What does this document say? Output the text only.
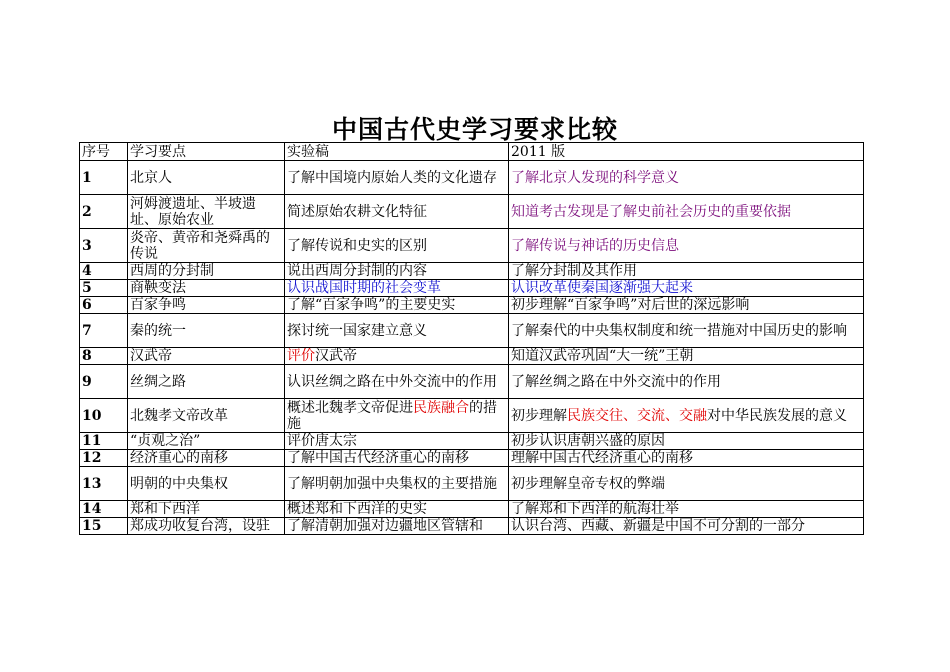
中国古代史学习要求比较
序号	学习要点	实验稿	2011 版
1	北京人	了解中国境内原始人类的文化遗存	了解北京人发现的科学意义
2	河姆渡遗址、半坡遗址、原始农业	简述原始农耕文化特征	知道考古发现是了解史前社会历史的重要依据
3	炎帝、黄帝和尧舜禹的传说	了解传说和史实的区别	了解传说与神话的历史信息
4	西周的分封制	说出西周分封制的内容	了解分封制及其作用
5	商鞅变法	认识战国时期的社会变革	认识改革使秦国逐渐强大起来
6	百家争鸣	了解“百家争鸣”的主要史实	初步理解“百家争鸣”对后世的深远影响
7	秦的统一	探讨统一国家建立意义	了解秦代的中央集权制度和统一措施对中国历史的影响
8	汉武帝	评价汉武帝	知道汉武帝巩固“大一统”王朝
9	丝绸之路	认识丝绸之路在中外交流中的作用	了解丝绸之路在中外交流中的作用
10	北魏孝文帝改革	概述北魏孝文帝促进民族融合的措施	初步理解民族交往、交流、交融对中华民族发展的意义
11	“贞观之治”	评价唐太宗	初步认识唐朝兴盛的原因
12	经济重心的南移	了解中国古代经济重心的南移	理解中国古代经济重心的南移
13	明朝的中央集权	了解明朝加强中央集权的主要措施	初步理解皇帝专权的弊端
14	郑和下西洋	概述郑和下西洋的史实	了解郑和下西洋的航海壮举
15	郑成功收复台湾，设驻	了解清朝加强对边疆地区管辖和	认识台湾、西藏、新疆是中国不可分割的一部分
